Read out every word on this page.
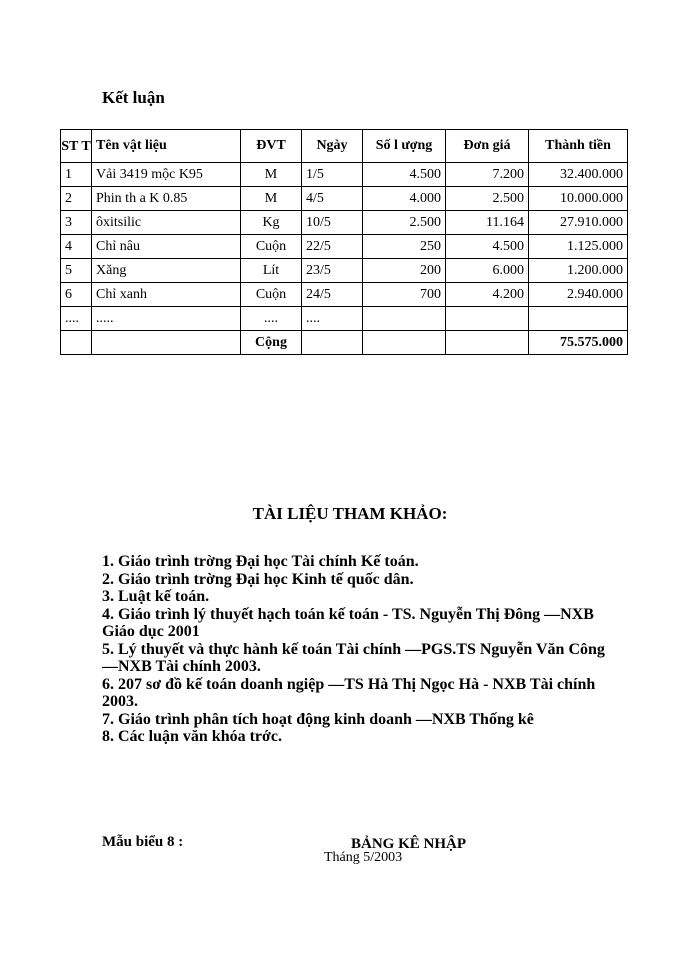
Kết luận
ST T	Tên vật liệu	ĐVT	Ngày	Số l ượng	Đơn giá	Thành tiền
1	Vải 3419 mộc K95	M	1/5	4.500	7.200	32.400.000
2	Phin th a K 0.85	M	4/5	4.000	2.500	10.000.000
3	ôxitsilic	Kg	10/5	2.500	11.164	27.910.000
4	Chỉ nâu	Cuộn	22/5	250	4.500	1.125.000
5	Xăng	Lít	23/5	200	6.000	1.200.000
6	Chỉ xanh	Cuộn	24/5	700	4.200	2.940.000
....	.....	....	....			
		Cộng				75.575.000
TÀI LIỆU THAM KHẢO:
1. Giáo trình trờng Đại học Tài chính Kế toán.
2. Giáo trình trờng Đại học Kinh tế quốc dân.
3. Luật kế toán.
4. Giáo trình lý thuyết hạch toán kế toán - TS. Nguyễn Thị Đông —NXB Giáo dục 2001
5. Lý thuyết và thực hành kế toán Tài chính —PGS.TS Nguyễn Văn Công —NXB Tài chính 2003.
6. 207 sơ đồ kế toán doanh ngiệp —TS Hà Thị Ngọc Hà - NXB Tài chính 2003.
7. Giáo trình phân tích hoạt động kinh doanh —NXB Thống kê
8. Các luận văn khóa trớc.
Mẫu biểu 8 :	BẢNG KÊ NHẬP
Tháng 5/2003
